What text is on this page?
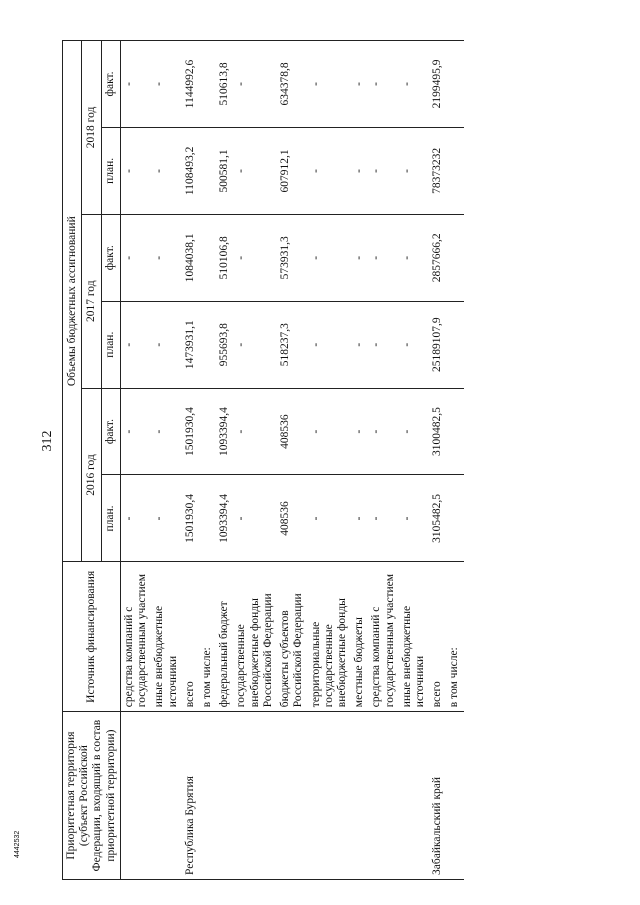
312
4442532	Приоритетная территория (субъект Российской Федерации, входящий в состав приоритетной территории)	Источник финансирования	Объемы бюджетных ассигнований					
		2016 год		2017 год		2018 год	
		план.	факт.	план.	факт.	план.	факт.
	средства компаний с государственным участием	-	-	-	-	-	-
	иные внебюджетные источники	-	-	-	-	-	-
Республика Бурятия	всего	1501930,4	1501930,4	1473931,1	1084038,1	1108493,2	1144992,6
	в том числе:						
	федеральный бюджет	1093394,4	1093394,4	955693,8	510106,8	500581,1	510613,8
	государственные внебюджетные фонды Российской Федерации	-	-	-	-	-	-
	бюджеты субъектов Российской Федерации	408536	408536	518237,3	573931,3	607912,1	634378,8
	территориальные государственные внебюджетные фонды	-	-	-	-	-	-
	местные бюджеты	-	-	-	-	-	-
	средства компаний с государственным участием	-	-	-	-	-	-
	иные внебюджетные источники	-	-	-	-	-	-
Забайкальский край	всего	3105482,5	3100482,5	25189107,9	2857666,2	78373232	2199495,9
	в том числе:						
